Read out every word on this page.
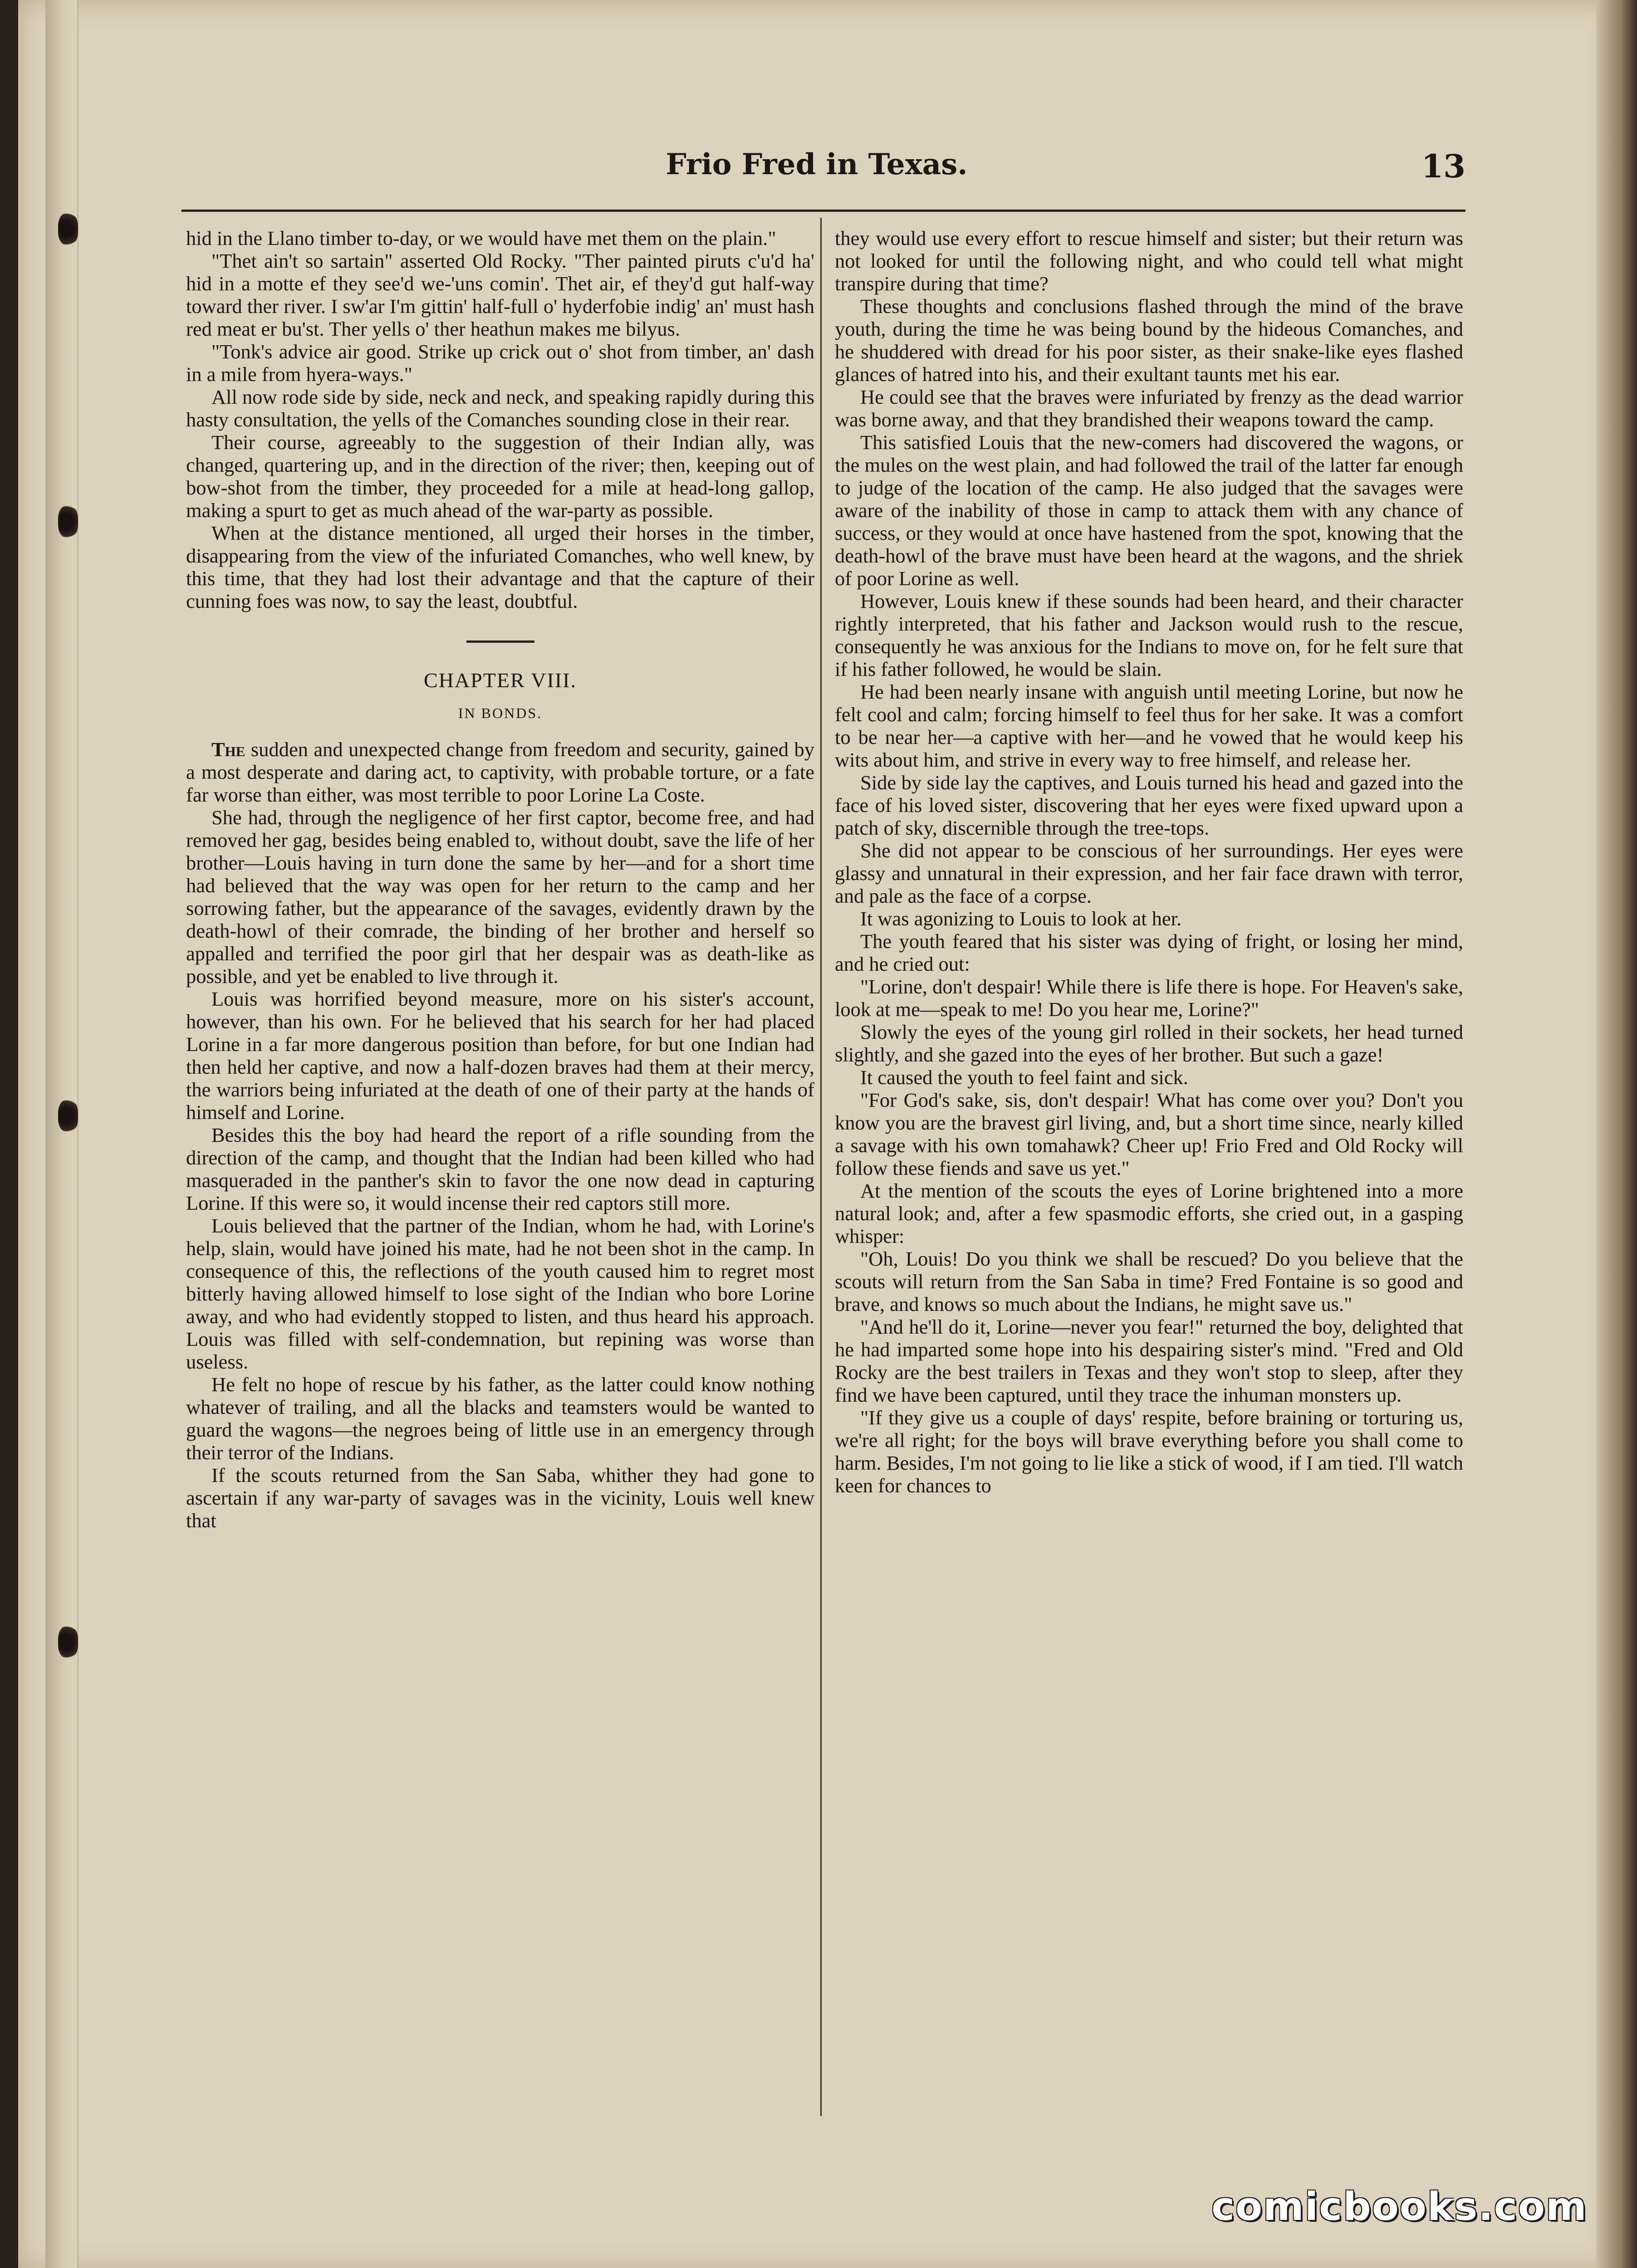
Frio Fred in Texas.	13

hid in the Llano timber to-day, or we would have met them on the plain."

"Thet ain't so sartain" asserted Old Rocky. "Ther painted piruts c'u'd ha' hid in a motte ef they see'd we-'uns comin'. Thet air, ef they'd gut half-way toward ther river. I sw'ar I'm gittin' half-full o' hyderfobie indig' an' must hash red meat er bu'st. Ther yells o' ther heathun makes me bilyus.

"Tonk's advice air good. Strike up crick out o' shot from timber, an' dash in a mile from hyera-ways."

All now rode side by side, neck and neck, and speaking rapidly during this hasty consultation, the yells of the Comanches sounding close in their rear.

Their course, agreeably to the suggestion of their Indian ally, was changed, quartering up, and in the direction of the river; then, keeping out of bow-shot from the timber, they proceeded for a mile at head-long gallop, making a spurt to get as much ahead of the war-party as possible.

When at the distance mentioned, all urged their horses in the timber, disappearing from the view of the infuriated Comanches, who well knew, by this time, that they had lost their advantage and that the capture of their cunning foes was now, to say the least, doubtful.

CHAPTER VIII.
IN BONDS.

The sudden and unexpected change from freedom and security, gained by a most desperate and daring act, to captivity, with probable torture, or a fate far worse than either, was most terrible to poor Lorine La Coste.

She had, through the negligence of her first captor, become free, and had removed her gag, besides being enabled to, without doubt, save the life of her brother—Louis having in turn done the same by her—and for a short time had believed that the way was open for her return to the camp and her sorrowing father, but the appearance of the savages, evidently drawn by the death-howl of their comrade, the binding of her brother and herself so appalled and terrified the poor girl that her despair was as death-like as possible, and yet be enabled to live through it.

Louis was horrified beyond measure, more on his sister's account, however, than his own. For he believed that his search for her had placed Lorine in a far more dangerous position than before, for but one Indian had then held her captive, and now a half-dozen braves had them at their mercy, the warriors being infuriated at the death of one of their party at the hands of himself and Lorine.

Besides this the boy had heard the report of a rifle sounding from the direction of the camp, and thought that the Indian had been killed who had masqueraded in the panther's skin to favor the one now dead in capturing Lorine. If this were so, it would incense their red captors still more.

Louis believed that the partner of the Indian, whom he had, with Lorine's help, slain, would have joined his mate, had he not been shot in the camp. In consequence of this, the reflections of the youth caused him to regret most bitterly having allowed himself to lose sight of the Indian who bore Lorine away, and who had evidently stopped to listen, and thus heard his approach. Louis was filled with self-condemnation, but repining was worse than useless.

He felt no hope of rescue by his father, as the latter could know nothing whatever of trailing, and all the blacks and teamsters would be wanted to guard the wagons—the negroes being of little use in an emergency through their terror of the Indians.

If the scouts returned from the San Saba, whither they had gone to ascertain if any war-party of savages was in the vicinity, Louis well knew that

they would use every effort to rescue himself and sister; but their return was not looked for until the following night, and who could tell what might transpire during that time?

These thoughts and conclusions flashed through the mind of the brave youth, during the time he was being bound by the hideous Comanches, and he shuddered with dread for his poor sister, as their snake-like eyes flashed glances of hatred into his, and their exultant taunts met his ear.

He could see that the braves were infuriated by frenzy as the dead warrior was borne away, and that they brandished their weapons toward the camp.

This satisfied Louis that the new-comers had discovered the wagons, or the mules on the west plain, and had followed the trail of the latter far enough to judge of the location of the camp. He also judged that the savages were aware of the inability of those in camp to attack them with any chance of success, or they would at once have hastened from the spot, knowing that the death-howl of the brave must have been heard at the wagons, and the shriek of poor Lorine as well.

However, Louis knew if these sounds had been heard, and their character rightly interpreted, that his father and Jackson would rush to the rescue, consequently he was anxious for the Indians to move on, for he felt sure that if his father followed, he would be slain.

He had been nearly insane with anguish until meeting Lorine, but now he felt cool and calm; forcing himself to feel thus for her sake. It was a comfort to be near her—a captive with her—and he vowed that he would keep his wits about him, and strive in every way to free himself, and release her.

Side by side lay the captives, and Louis turned his head and gazed into the face of his loved sister, discovering that her eyes were fixed upward upon a patch of sky, discernible through the tree-tops.

She did not appear to be conscious of her surroundings. Her eyes were glassy and unnatural in their expression, and her fair face drawn with terror, and pale as the face of a corpse.

It was agonizing to Louis to look at her.

The youth feared that his sister was dying of fright, or losing her mind, and he cried out:

"Lorine, don't despair! While there is life there is hope. For Heaven's sake, look at me—speak to me! Do you hear me, Lorine?"

Slowly the eyes of the young girl rolled in their sockets, her head turned slightly, and she gazed into the eyes of her brother. But such a gaze!

It caused the youth to feel faint and sick.

"For God's sake, sis, don't despair! What has come over you? Don't you know you are the bravest girl living, and, but a short time since, nearly killed a savage with his own tomahawk? Cheer up! Frio Fred and Old Rocky will follow these fiends and save us yet."

At the mention of the scouts the eyes of Lorine brightened into a more natural look; and, after a few spasmodic efforts, she cried out, in a gasping whisper:

"Oh, Louis! Do you think we shall be rescued? Do you believe that the scouts will return from the San Saba in time? Fred Fontaine is so good and brave, and knows so much about the Indians, he might save us."

"And he'll do it, Lorine—never you fear!" returned the boy, delighted that he had imparted some hope into his despairing sister's mind. "Fred and Old Rocky are the best trailers in Texas and they won't stop to sleep, after they find we have been captured, until they trace the inhuman monsters up.

"If they give us a couple of days' respite, before braining or torturing us, we're all right; for the boys will brave everything before you shall come to harm. Besides, I'm not going to lie like a stick of wood, if I am tied. I'll watch keen for chances to

comicbooks.com
